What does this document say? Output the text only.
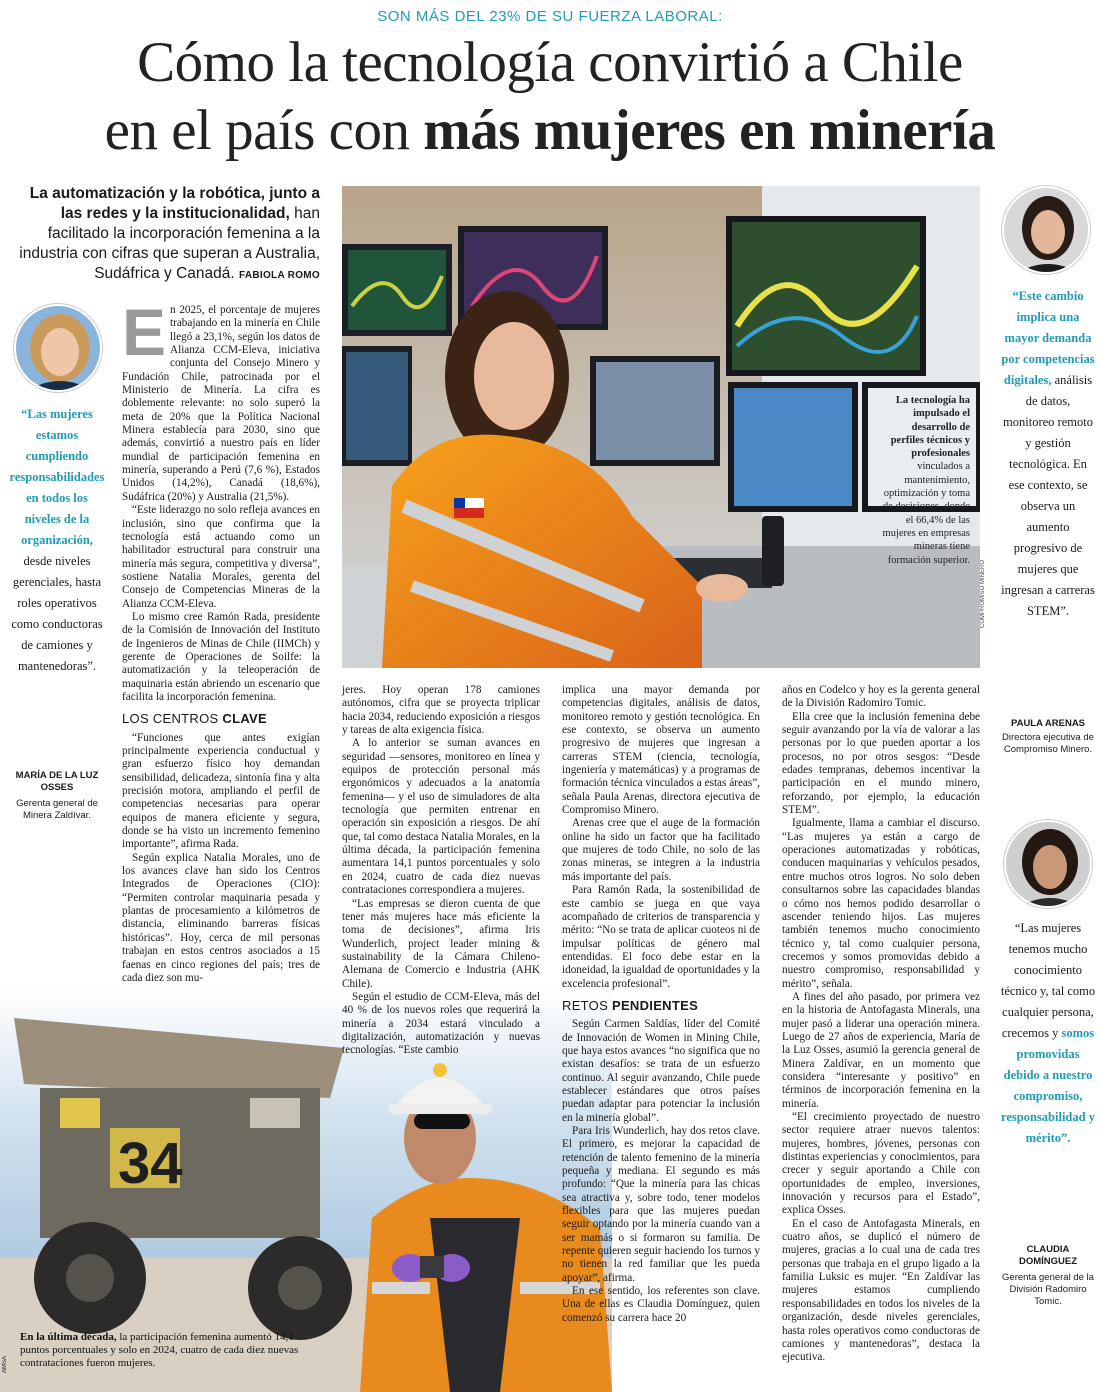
SON MÁS DEL 23% DE SU FUERZA LABORAL:
Cómo la tecnología convirtió a Chile
en el país con más mujeres en minería
La automatización y la robótica, junto a las redes y la institucionalidad, han facilitado la incorporación femenina a la industria con cifras que superan a Australia, Sudáfrica y Canadá. FABIOLA ROMO
COMPROMISO MINERO
La tecnología ha impulsado el desarrollo de perfiles técnicos y profesionales vinculados a mantenimiento, optimización y toma de decisiones, donde el 66,4% de las mujeres en empresas mineras tiene formación superior.
“Las mujeres estamos cumpliendo responsabilidades en todos los niveles de la organización, desde niveles gerenciales, hasta roles operativos como conductoras de camiones y mantenedoras”.
MARÍA DE LA LUZ OSSES
Gerenta general de Minera Zaldívar.
“Este cambio implica una mayor demanda por competencias digitales, análisis de datos, monitoreo remoto y gestión tecnológica. En ese contexto, se observa un aumento progresivo de mujeres que ingresan a carreras STEM”.
PAULA ARENAS
Directora ejecutiva de Compromiso Minero.
“Las mujeres tenemos mucho conocimiento técnico y, tal como cualquier persona, crecemos y somos promovidas debido a nuestro compromiso, responsabilidad y mérito”.
CLAUDIA DOMÍNGUEZ
Gerenta general de la División Radomiro Tomic.
34
En la última década, la participación femenina aumentó 14,1 puntos porcentuales y solo en 2024, cuatro de cada diez nuevas contrataciones fueron mujeres.
AMSA
E n 2025, el porcentaje de mujeres trabajando en la minería en Chile llegó a 23,1%, según los datos de Alianza CCM-Eleva, iniciativa conjunta del Consejo Minero y Fundación Chile, patrocinada por el Ministerio de Minería. La cifra es doblemente relevante: no solo superó la meta de 20% que la Política Nacional Minera establecía para 2030, sino que además, convirtió a nuestro país en líder mundial de participación femenina en minería, superando a Perú (7,6 %), Estados Unidos (14,2%), Canadá (18,6%), Sudáfrica (20%) y Australia (21,5%).

“Este liderazgo no solo refleja avances en inclusión, sino que confirma que la tecnología está actuando como un habilitador estructural para construir una minería más segura, competitiva y diversa”, sostiene Natalia Morales, gerenta del Consejo de Competencias Mineras de la Alianza CCM-Eleva.

Lo mismo cree Ramón Rada, presidente de la Comisión de Innovación del Instituto de Ingenieros de Minas de Chile (IIMCh) y gerente de Operaciones de Soilfe: la automatización y la teleoperación de maquinaria están abriendo un escenario que facilita la incorporación femenina.

LOS CENTROS CLAVE

“Funciones que antes exigían principalmente experiencia conductual y gran esfuerzo físico hoy demandan sensibilidad, delicadeza, sintonía fina y alta precisión motora, ampliando el perfil de competencias necesarias para operar equipos de manera eficiente y segura, donde se ha visto un incremento femenino importante”, afirma Rada.

Según explica Natalia Morales, uno de los avances clave han sido los Centros Integrados de Operaciones (CIO): “Permiten controlar maquinaria pesada y plantas de procesamiento a kilómetros de distancia, eliminando barreras físicas históricas”. Hoy, cerca de mil personas trabajan en estos centros asociados a 15 faenas en cinco regiones del país; tres de cada diez son mu-

jeres. Hoy operan 178 camiones autónomos, cifra que se proyecta triplicar hacia 2034, reduciendo exposición a riesgos y tareas de alta exigencia física.

A lo anterior se suman avances en seguridad —sensores, monitoreo en línea y equipos de protección personal más ergonómicos y adecuados a la anatomía femenina— y el uso de simuladores de alta tecnología que permiten entrenar en operación sin exposición a riesgos. De ahí que, tal como destaca Natalia Morales, en la última década, la participación femenina aumentara 14,1 puntos porcentuales y solo en 2024, cuatro de cada diez nuevas contrataciones correspondiera a mujeres.

“Las empresas se dieron cuenta de que tener más mujeres hace más eficiente la toma de decisiones”, afirma Iris Wunderlich, project leader mining & sustainability de la Cámara Chileno-Alemana de Comercio e Industria (AHK Chile).

Según el estudio de CCM-Eleva, más del 40 % de los nuevos roles que requerirá la minería a 2034 estará vinculado a digitalización, automatización y nuevas tecnologías. “Este cambio

implica una mayor demanda por competencias digitales, análisis de datos, monitoreo remoto y gestión tecnológica. En ese contexto, se observa un aumento progresivo de mujeres que ingresan a carreras STEM (ciencia, tecnología, ingeniería y matemáticas) y a programas de formación técnica vinculados a estas áreas”, señala Paula Arenas, directora ejecutiva de Compromiso Minero.

Arenas cree que el auge de la formación online ha sido un factor que ha facilitado que mujeres de todo Chile, no solo de las zonas mineras, se integren a la industria más importante del país.

Para Ramón Rada, la sostenibilidad de este cambio se juega en que vaya acompañado de criterios de transparencia y mérito: “No se trata de aplicar cuoteos ni de impulsar políticas de género mal entendidas. El foco debe estar en la idoneidad, la igualdad de oportunidades y la excelencia profesional”.

RETOS PENDIENTES

Según Carmen Saldías, líder del Comité de Innovación de Women in Mining Chile, que haya estos avances “no significa que no existan desafíos: se trata de un esfuerzo continuo. Al seguir avanzando, Chile puede establecer estándares que otros países puedan adaptar para potenciar la inclusión en la minería global”.

Para Iris Wunderlich, hay dos retos clave. El primero, es mejorar la capacidad de retención de talento femenino de la minería pequeña y mediana. El segundo es más profundo: “Que la minería para las chicas sea atractiva y, sobre todo, tener modelos flexibles para que las mujeres puedan seguir optando por la minería cuando van a ser mamás o si formaron su familia. De repente quieren seguir haciendo los turnos y no tienen la red familiar que les pueda apoyar”, afirma.

En ese sentido, los referentes son clave. Una de ellas es Claudia Domínguez, quien comenzó su carrera hace 20

años en Codelco y hoy es la gerenta general de la División Radomiro Tomic.

Ella cree que la inclusión femenina debe seguir avanzando por la vía de valorar a las personas por lo que pueden aportar a los procesos, no por otros sesgos: “Desde edades tempranas, debemos incentivar la participación en el mundo minero, reforzando, por ejemplo, la educación STEM”.

Igualmente, llama a cambiar el discurso. “Las mujeres ya están a cargo de operaciones automatizadas y robóticas, conducen maquinarias y vehículos pesados, entre muchos otros logros. No solo deben consultarnos sobre las capacidades blandas o cómo nos hemos podido desarrollar o ascender teniendo hijos. Las mujeres también tenemos mucho conocimiento técnico y, tal como cualquier persona, crecemos y somos promovidas debido a nuestro compromiso, responsabilidad y mérito”, señala.

A fines del año pasado, por primera vez en la historia de Antofagasta Minerals, una mujer pasó a liderar una operación minera. Luego de 27 años de experiencia, María de la Luz Osses, asumió la gerencia general de Minera Zaldívar, en un momento que considera “interesante y positivo” en términos de incorporación femenina en la minería.

“El crecimiento proyectado de nuestro sector requiere atraer nuevos talentos: mujeres, hombres, jóvenes, personas con distintas experiencias y conocimientos, para crecer y seguir aportando a Chile con oportunidades de empleo, inversiones, innovación y recursos para el Estado”, explica Osses.

En el caso de Antofagasta Minerals, en cuatro años, se duplicó el número de mujeres, gracias a lo cual una de cada tres personas que trabaja en el grupo ligado a la familia Luksic es mujer. “En Zaldívar las mujeres estamos cumpliendo responsabilidades en todos los niveles de la organización, desde niveles gerenciales, hasta roles operativos como conductoras de camiones y mantenedoras”, destaca la ejecutiva.
